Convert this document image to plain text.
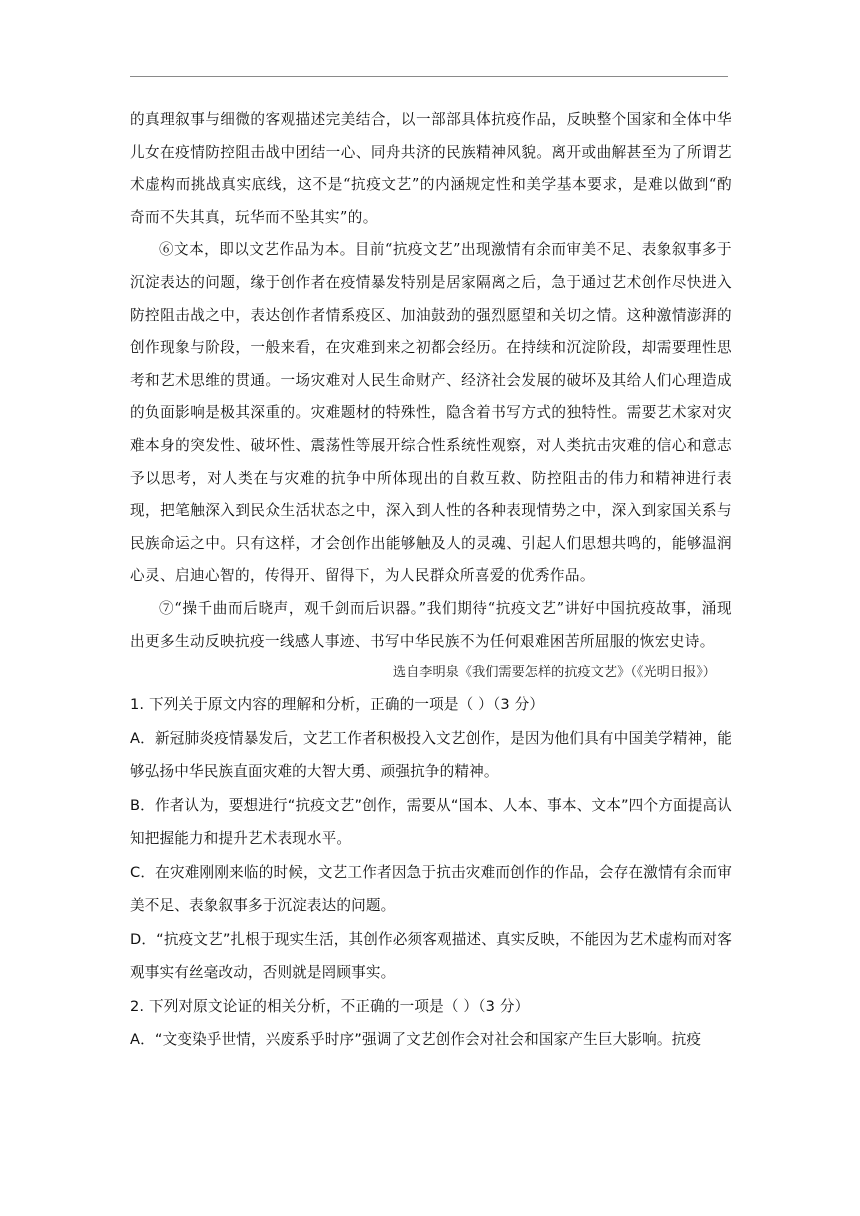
的真理叙事与细微的客观描述完美结合，以一部部具体抗疫作品，反映整个国家和全体中华儿女在疫情防控阻击战中团结一心、同舟共济的民族精神风貌。离开或曲解甚至为了所谓艺术虚构而挑战真实底线，这不是“抗疫文艺”的内涵规定性和美学基本要求，是难以做到“酌奇而不失其真，玩华而不坠其实”的。

⑥文本，即以文艺作品为本。目前“抗疫文艺”出现激情有余而审美不足、表象叙事多于沉淀表达的问题，缘于创作者在疫情暴发特别是居家隔离之后，急于通过艺术创作尽快进入防控阻击战之中，表达创作者情系疫区、加油鼓劲的强烈愿望和关切之情。这种激情澎湃的创作现象与阶段，一般来看，在灾难到来之初都会经历。在持续和沉淀阶段，却需要理性思考和艺术思维的贯通。一场灾难对人民生命财产、经济社会发展的破坏及其给人们心理造成的负面影响是极其深重的。灾难题材的特殊性，隐含着书写方式的独特性。需要艺术家对灾难本身的突发性、破坏性、震荡性等展开综合性系统性观察，对人类抗击灾难的信心和意志予以思考，对人类在与灾难的抗争中所体现出的自救互救、防控阻击的伟力和精神进行表现，把笔触深入到民众生活状态之中，深入到人性的各种表现情势之中，深入到家国关系与民族命运之中。只有这样，才会创作出能够触及人的灵魂、引起人们思想共鸣的，能够温润心灵、启迪心智的，传得开、留得下，为人民群众所喜爱的优秀作品。

⑦“操千曲而后晓声，观千剑而后识器。”我们期待“抗疫文艺”讲好中国抗疫故事，涌现出更多生动反映抗疫一线感人事迹、书写中华民族不为任何艰难困苦所屈服的恢宏史诗。

选自李明泉《我们需要怎样的抗疫文艺》（《光明日报》）

1. 下列关于原文内容的理解和分析，正确的一项是（ ）（3 分）

A．新冠肺炎疫情暴发后，文艺工作者积极投入文艺创作，是因为他们具有中国美学精神，能够弘扬中华民族直面灾难的大智大勇、顽强抗争的精神。

B．作者认为，要想进行“抗疫文艺”创作，需要从“国本、人本、事本、文本”四个方面提高认知把握能力和提升艺术表现水平。

C．在灾难刚刚来临的时候，文艺工作者因急于抗击灾难而创作的作品，会存在激情有余而审美不足、表象叙事多于沉淀表达的问题。

D．“抗疫文艺”扎根于现实生活，其创作必须客观描述、真实反映，不能因为艺术虚构而对客观事实有丝毫改动，否则就是罔顾事实。

2. 下列对原文论证的相关分析，不正确的一项是（ ）（3 分）

A．“文变染乎世情，兴废系乎时序”强调了文艺创作会对社会和国家产生巨大影响。抗疫
